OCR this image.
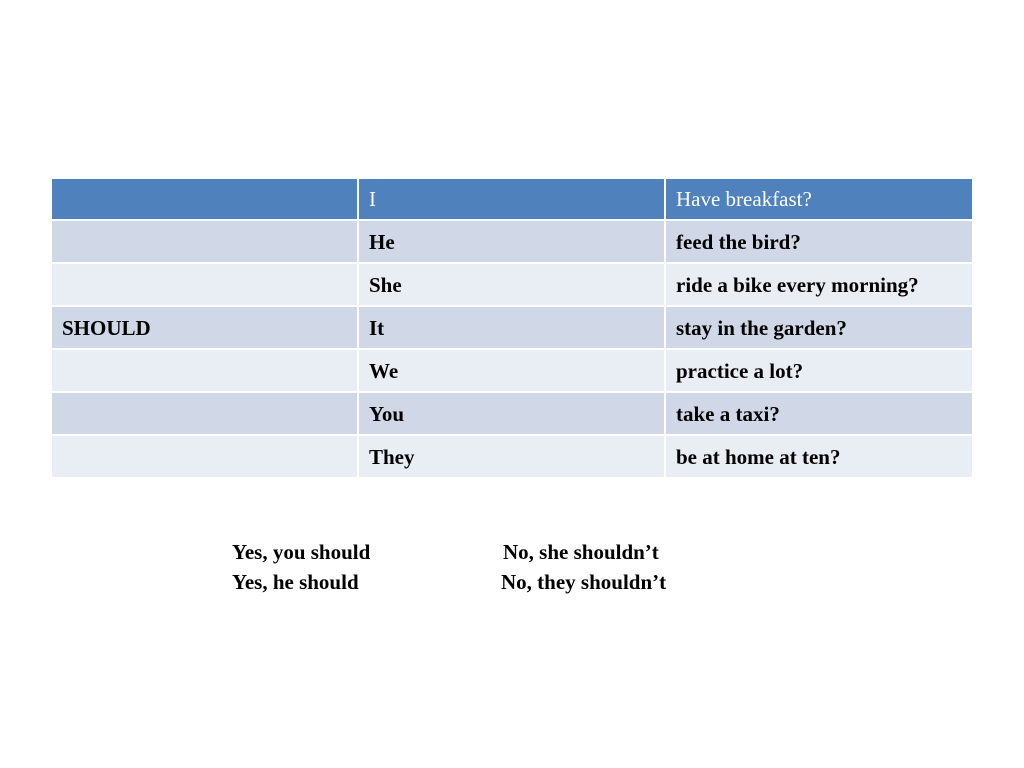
	I	Have breakfast?
	He	feed the bird?
	She	ride a bike every morning?
SHOULD	It	stay in the garden?
	We	practice a lot?
	You	take a taxi?
	They	be at home at ten?
Yes, you should	No, she shouldn’t
Yes, he should	No, they shouldn’t
